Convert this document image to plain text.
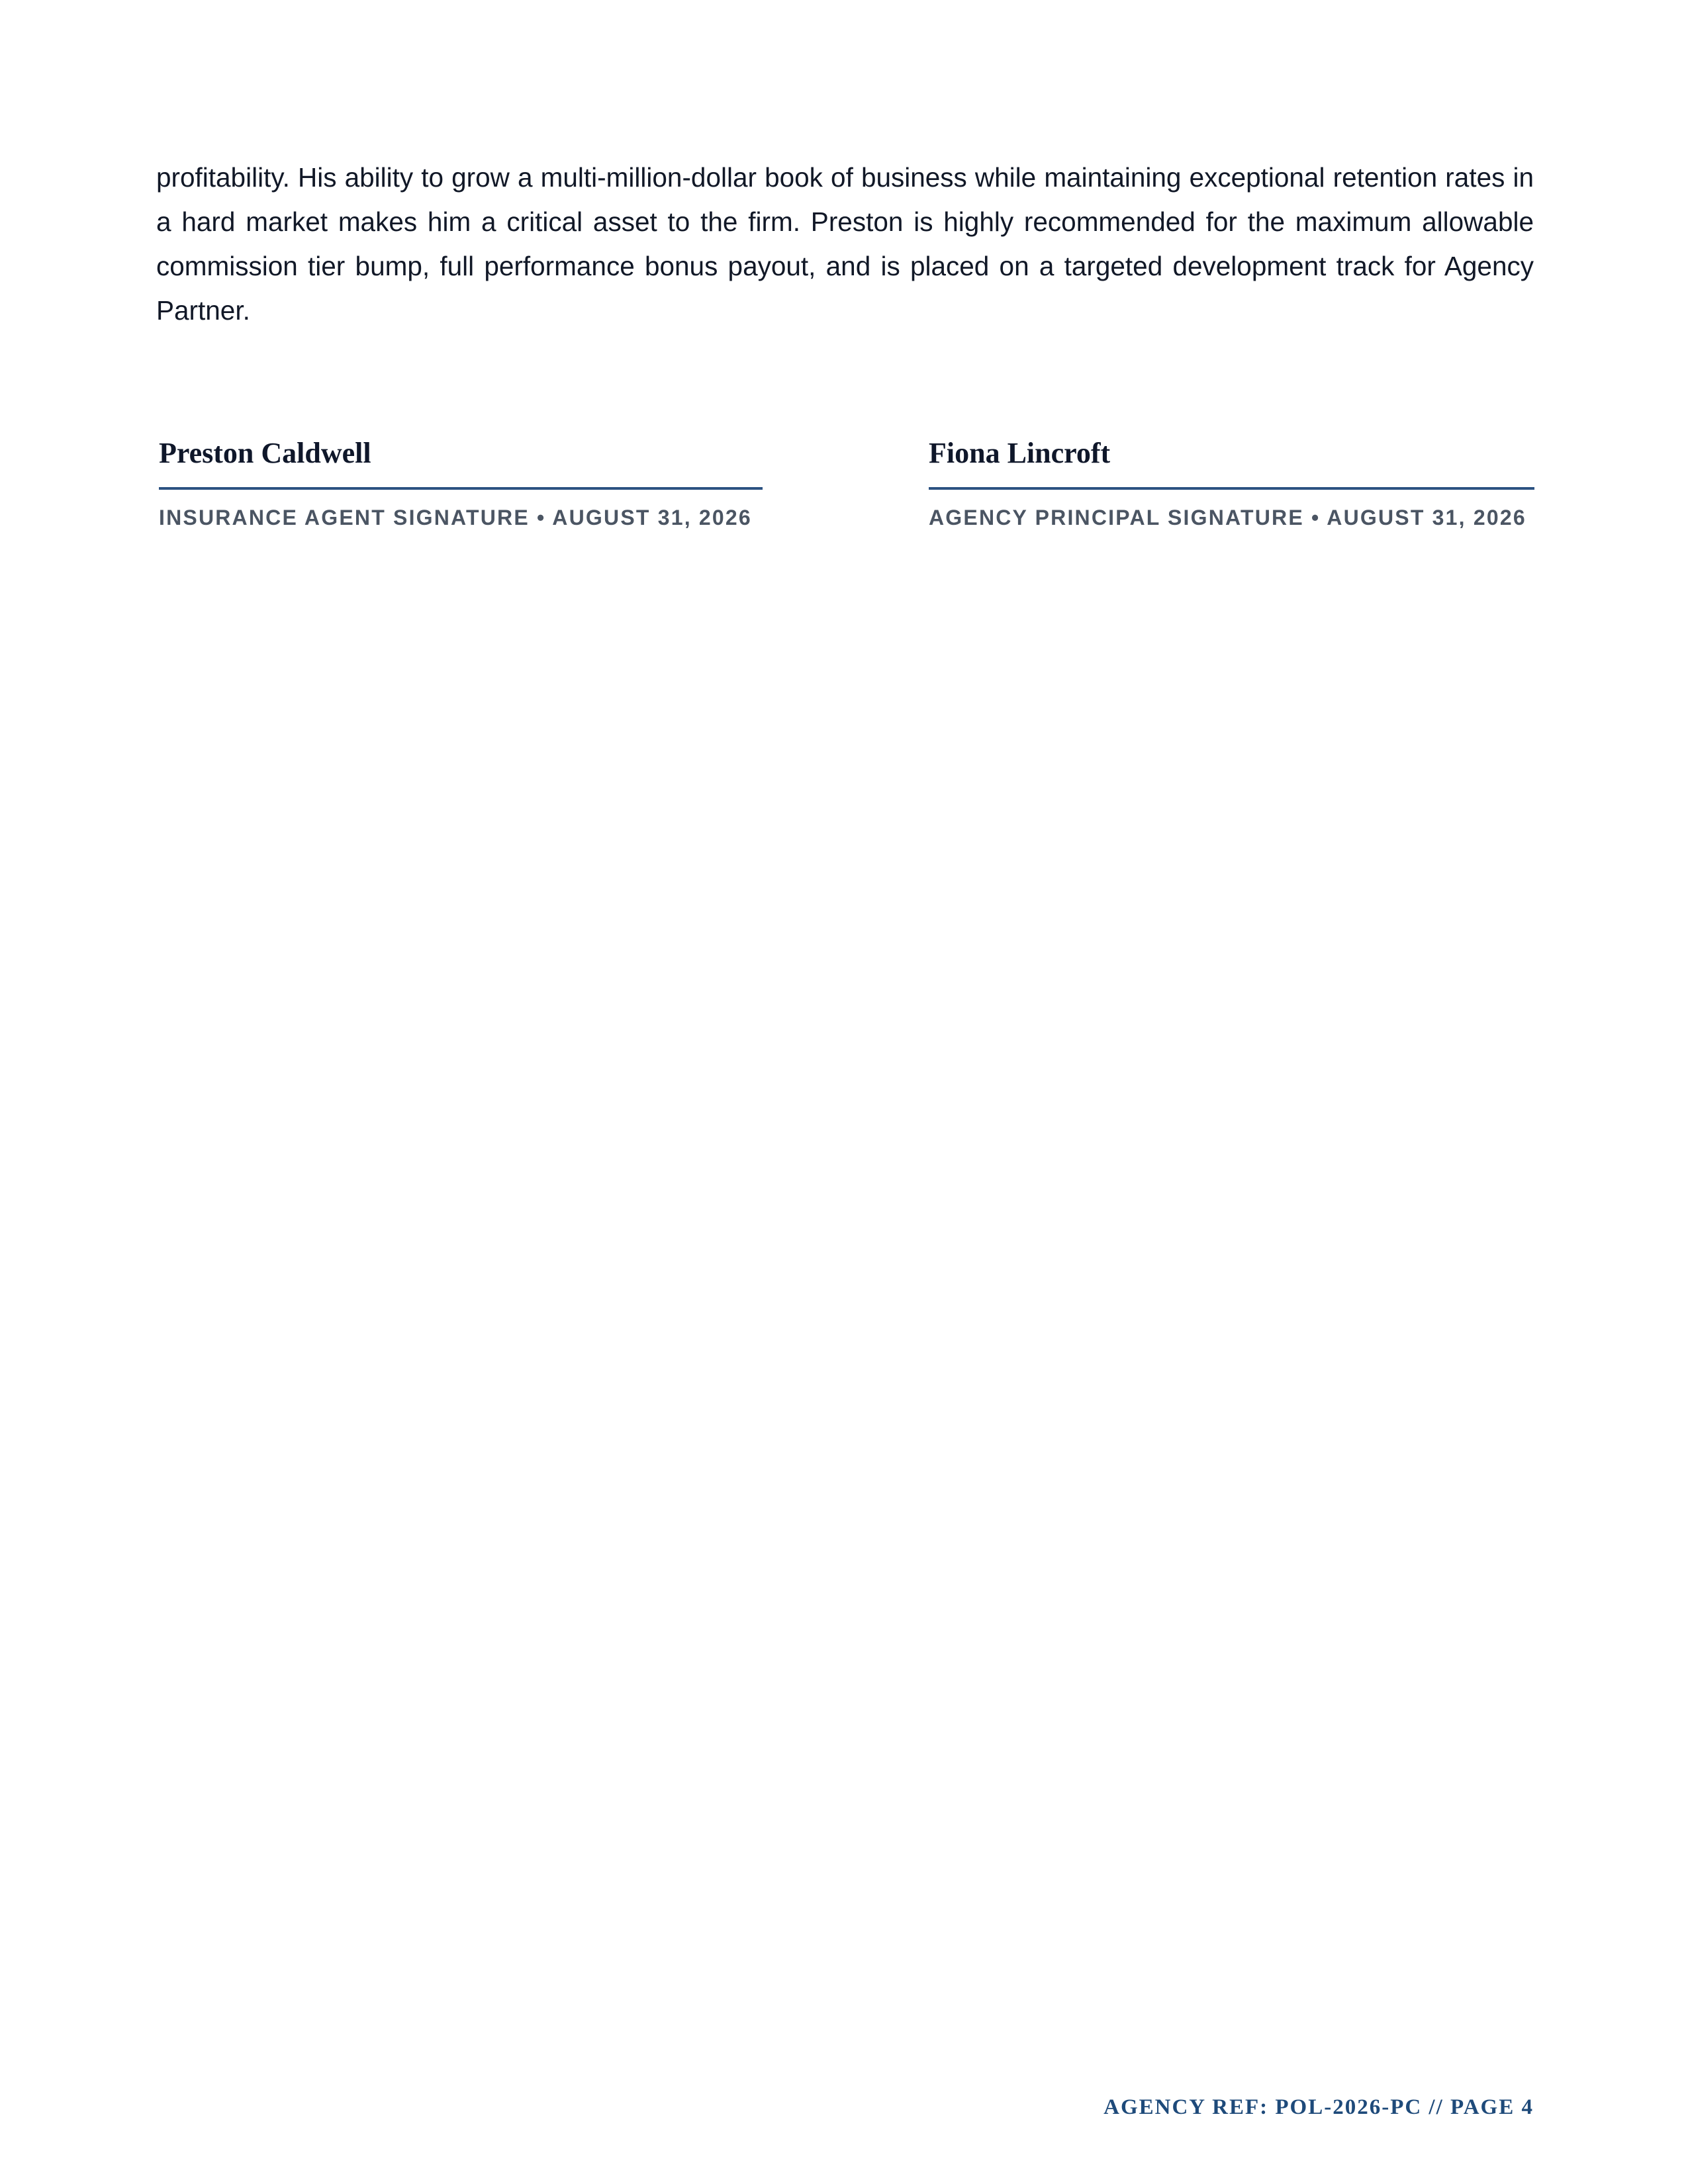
profitability. His ability to grow a multi-million-dollar book of business while maintaining exceptional retention rates in a hard market makes him a critical asset to the firm. Preston is highly recommended for the maximum allowable commission tier bump, full performance bonus payout, and is placed on a targeted development track for Agency Partner.

Preston Caldwell
INSURANCE AGENT SIGNATURE • AUGUST 31, 2026
Fiona Lincroft
AGENCY PRINCIPAL SIGNATURE • AUGUST 31, 2026
AGENCY REF: POL-2026-PC // PAGE 4
